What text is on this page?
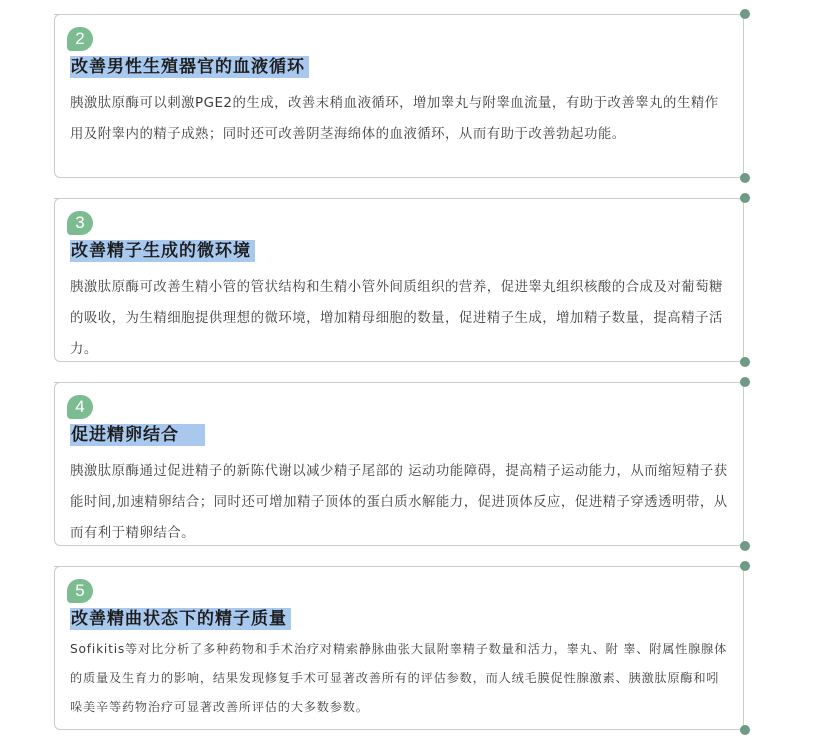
2
改善男性生殖器官的血液循环
胰激肽原酶可以刺激PGE2的生成，改善末稍血液循环，增加睾丸与附睾血流量，有助于改善睾丸的生精作用及附睾内的精子成熟；同时还可改善阴茎海绵体的血液循环，从而有助于改善勃起功能。
3
改善精子生成的微环境
胰激肽原酶可改善生精小管的管状结构和生精小管外间质组织的营养，促进睾丸组织核酸的合成及对葡萄糖的吸收，为生精细胞提供理想的微环境，增加精母细胞的数量，促进精子生成，增加精子数量，提高精子活力。
4
促进精卵结合
胰激肽原酶通过促进精子的新陈代谢以减少精子尾部的 运动功能障碍，提高精子运动能力，从而缩短精子获能时间,加速精卵结合；同时还可增加精子顶体的蛋白质水解能力，促进顶体反应，促进精子穿透透明带，从而有利于精卵结合。
5
改善精曲状态下的精子质量
Sofikitis等对比分析了多种药物和手术治疗对精索静脉曲张大鼠附睾精子数量和活力，睾丸、附 睾、附属性腺腺体的质量及生育力的影响，结果发现修复手术可显著改善所有的评估参数，而人绒毛膜促性腺激素、胰激肽原酶和吲哚美辛等药物治疗可显著改善所评估的大多数参数。
